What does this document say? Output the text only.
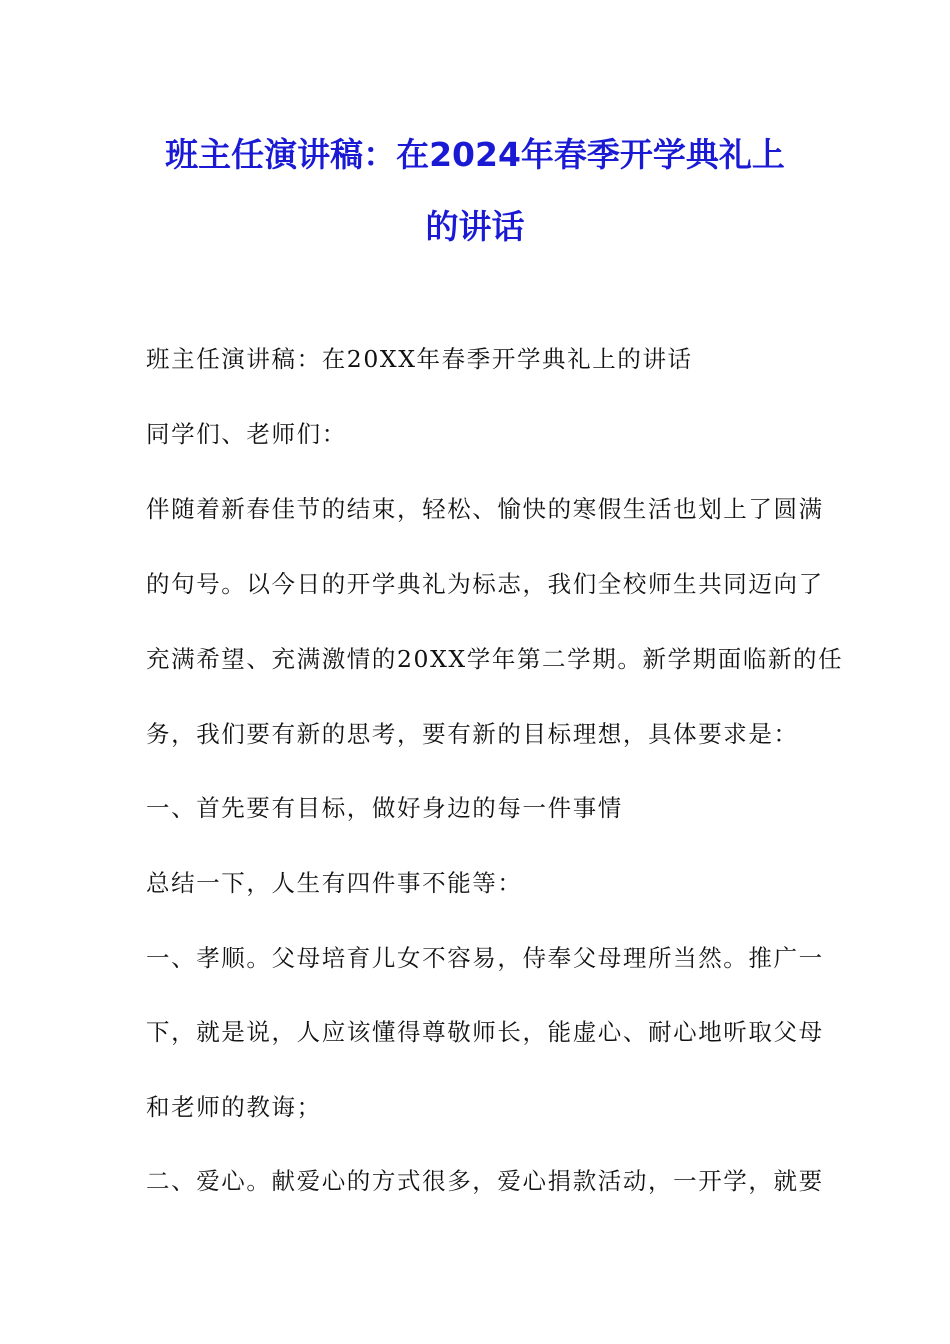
班主任演讲稿：在2024年春季开学典礼上
的讲话
班主任演讲稿：在20XX年春季开学典礼上的讲话
同学们、老师们：
伴随着新春佳节的结束，轻松、愉快的寒假生活也划上了圆满
的句号。以今日的开学典礼为标志，我们全校师生共同迈向了
充满希望、充满激情的20XX学年第二学期。新学期面临新的任
务，我们要有新的思考，要有新的目标理想，具体要求是：
一、首先要有目标，做好身边的每一件事情
总结一下，人生有四件事不能等：
一、孝顺。父母培育儿女不容易，侍奉父母理所当然。推广一
下，就是说，人应该懂得尊敬师长，能虚心、耐心地听取父母
和老师的教诲；
二、爱心。献爱心的方式很多，爱心捐款活动，一开学，就要
